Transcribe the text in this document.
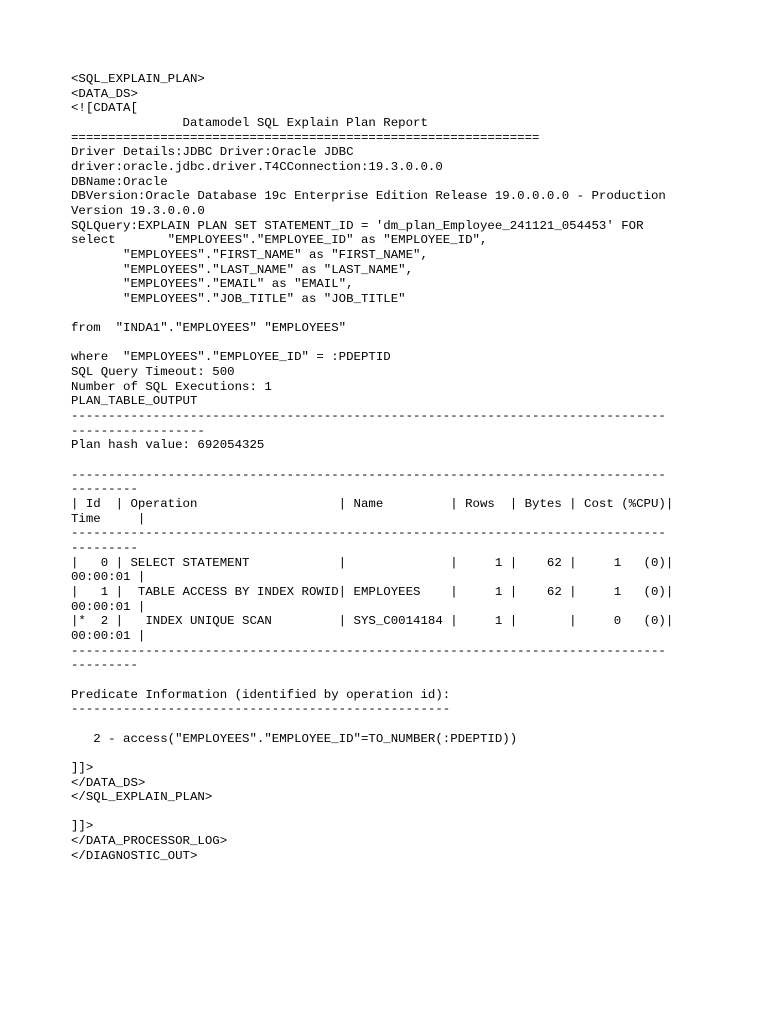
<SQL_EXPLAIN_PLAN>
<DATA_DS>
<![CDATA[
Datamodel SQL Explain Plan Report
===============================================================
Driver Details:JDBC Driver:Oracle JDBC
driver:oracle.jdbc.driver.T4CConnection:19.3.0.0.0
DBName:Oracle
DBVersion:Oracle Database 19c Enterprise Edition Release 19.0.0.0.0 - Production
Version 19.3.0.0.0
SQLQuery:EXPLAIN PLAN SET STATEMENT_ID = 'dm_plan_Employee_241121_054453' FOR
select       "EMPLOYEES"."EMPLOYEE_ID" as "EMPLOYEE_ID",
"EMPLOYEES"."FIRST_NAME" as "FIRST_NAME",
"EMPLOYEES"."LAST_NAME" as "LAST_NAME",
"EMPLOYEES"."EMAIL" as "EMAIL",
"EMPLOYEES"."JOB_TITLE" as "JOB_TITLE"
from  "INDA1"."EMPLOYEES" "EMPLOYEES"
where  "EMPLOYEES"."EMPLOYEE_ID" = :PDEPTID
SQL Query Timeout: 500
Number of SQL Executions: 1
PLAN_TABLE_OUTPUT
--------------------------------------------------------------------------------
------------------
Plan hash value: 692054325
--------------------------------------------------------------------------------
---------
| Id  | Operation                   | Name         | Rows  | Bytes | Cost (%CPU)|
Time     |
--------------------------------------------------------------------------------
---------
|   0 | SELECT STATEMENT            |              |     1 |    62 |     1   (0)|
00:00:01 |
|   1 |  TABLE ACCESS BY INDEX ROWID| EMPLOYEES    |     1 |    62 |     1   (0)|
00:00:01 |
|*  2 |   INDEX UNIQUE SCAN         | SYS_C0014184 |     1 |       |     0   (0)|
00:00:01 |
--------------------------------------------------------------------------------
---------
Predicate Information (identified by operation id):
---------------------------------------------------
2 - access("EMPLOYEES"."EMPLOYEE_ID"=TO_NUMBER(:PDEPTID))
]]>
</DATA_DS>
</SQL_EXPLAIN_PLAN>
]]>
</DATA_PROCESSOR_LOG>
</DIAGNOSTIC_OUT>
